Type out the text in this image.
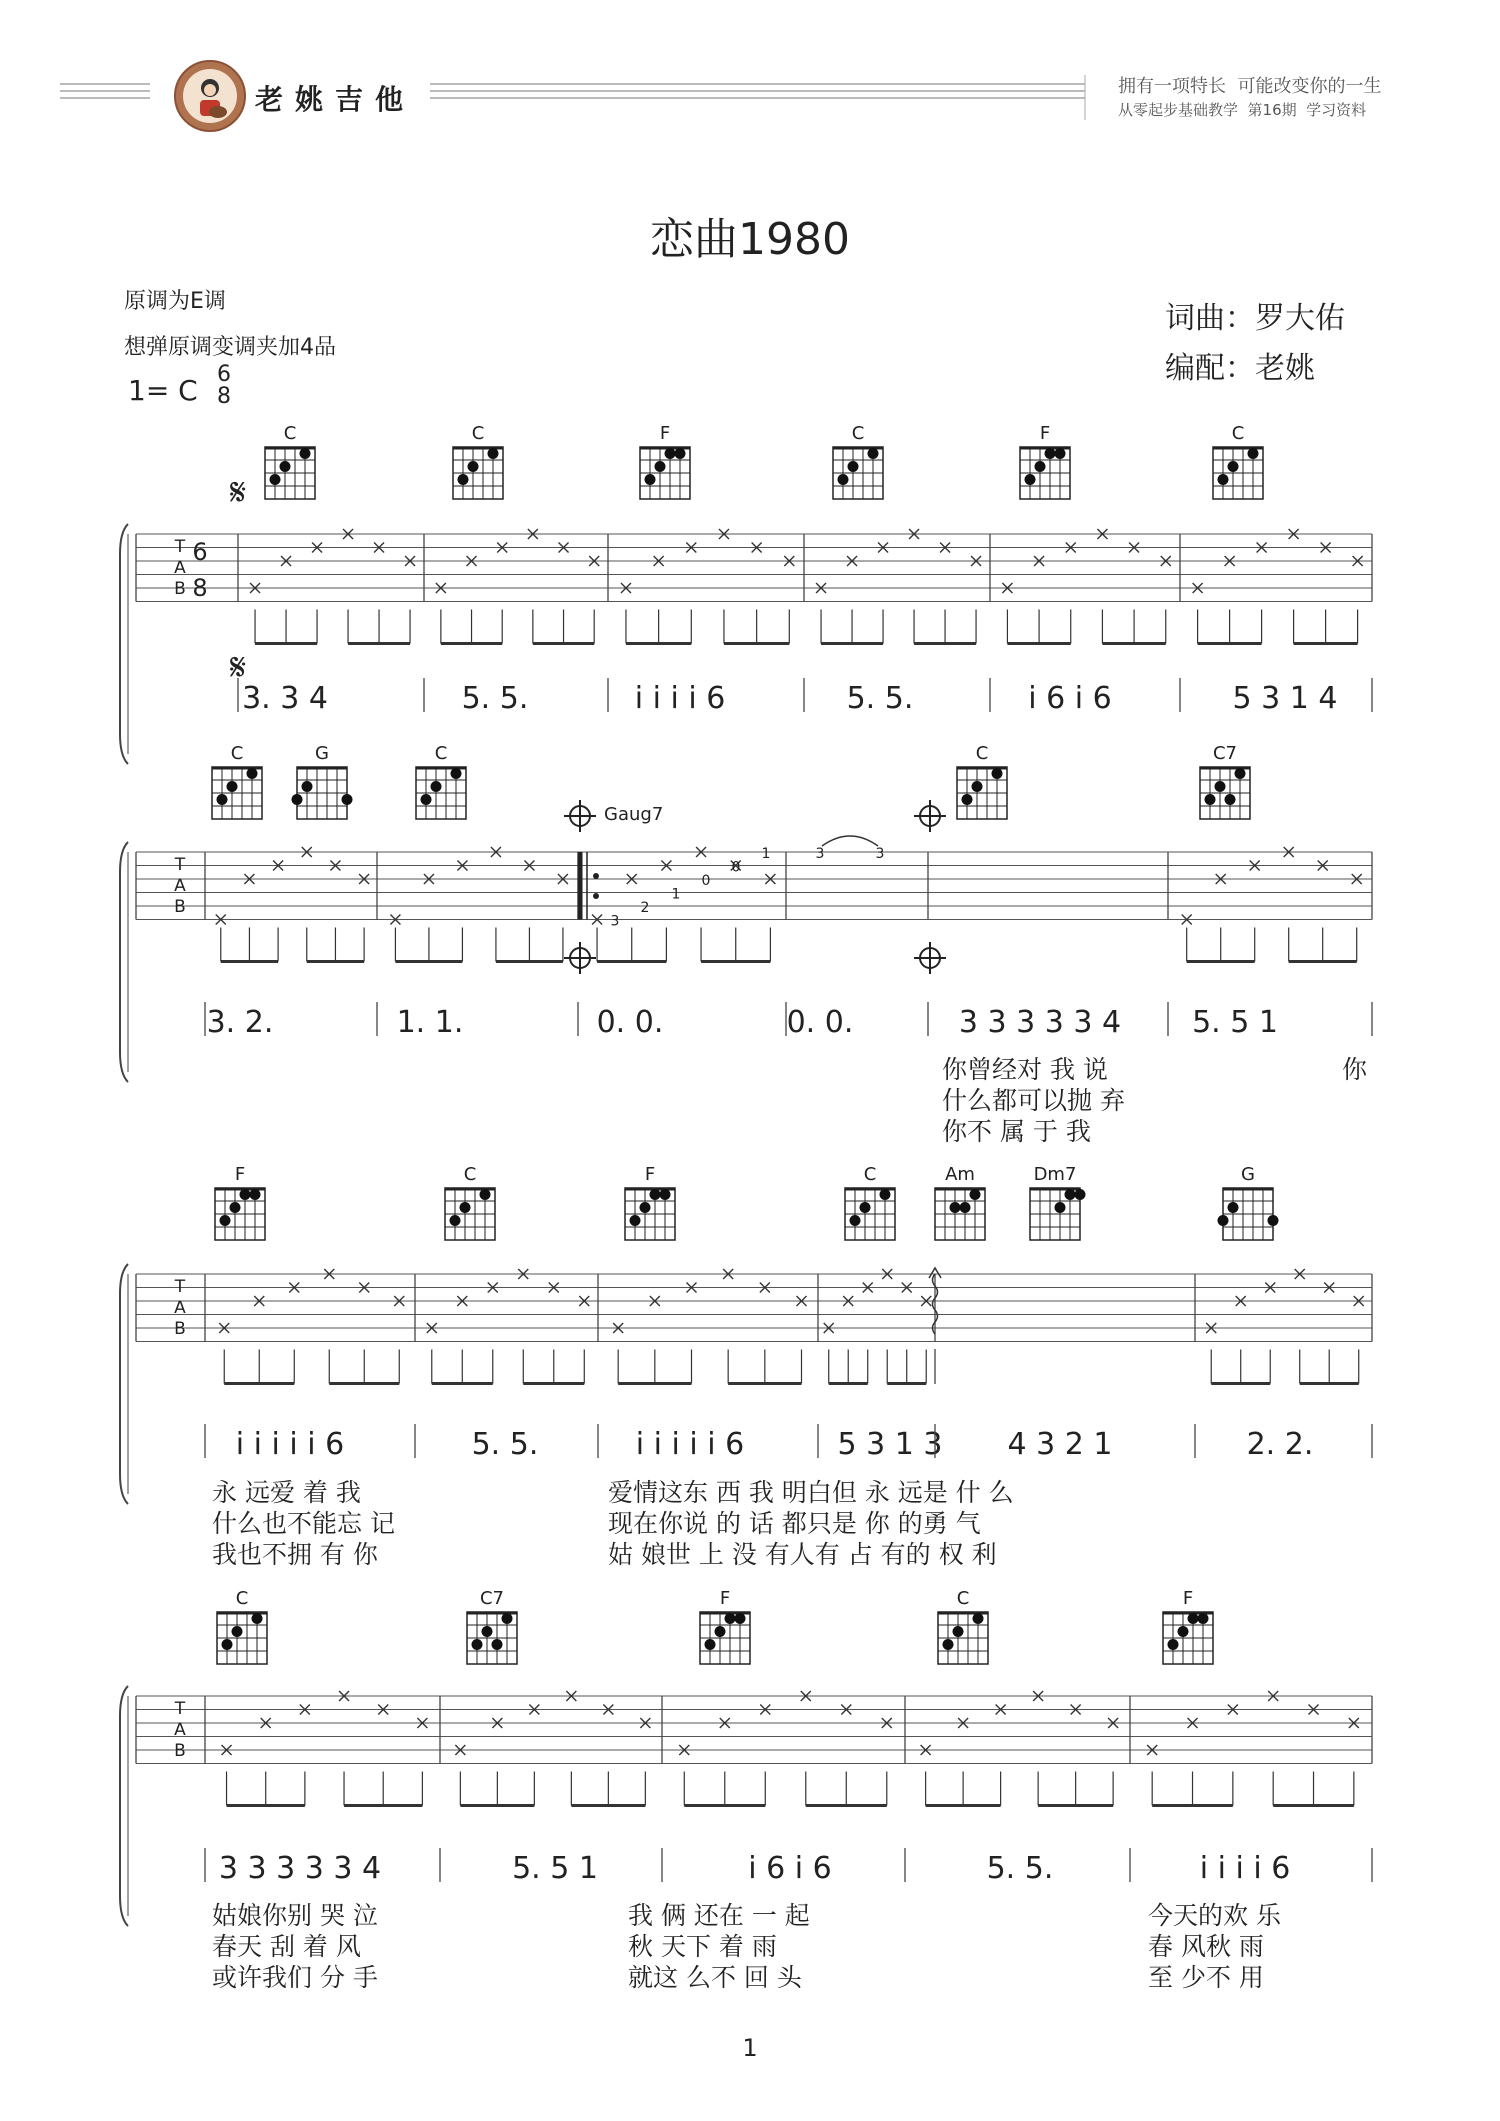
老姚吉他	拥有一项特长  可能改变你的一生
从零起步基础教学  第16期  学习资料
恋曲1980
原调为E调
想弹原调变调夹加4品
1= C 6
8
词曲：罗大佑
编配：老姚
C	C	F	C	F	C
T
A
B
3. 3 4	5. 5.	i i i i 6	5. 5.	i 6 i 6	5 3 1 4
𝄋
𝄋
C	G	C	C	C7
T
A
B
3. 2.	1. 1.	0. 0.	0. 0.	3 3 3 3 3 4 5. 5 1
你曾经对 我 说	你
什么都可以抛 弃
你不 属 于 我
F	C	F	C	Am	Dm7	G
T
A
B
i i i i i 6	5. 5.	i i i i i 6	5 3 1 3 4 3 2 1	2. 2.
永 远爱 着 我	爱情这东 西 我 明白但 永 远是 什 么
什么也不能忘 记	现在你说 的 话 都只是 你 的勇 气
我也不拥 有 你	姑 娘世 上 没 有人有 占 有的 权 利
C	C7	F	C	F
T
A
B
3 3 3 3 3 4	5. 5 1	i 6 i 6	5. 5.	i i i i 6
姑娘你别 哭 泣	我 俩 还在 一 起	今天的欢 乐
春天 刮 着 风	秋 天下 着 雨	春 风秋 雨
或许我们 分 手	就这 么不 回 头	至 少不 用
6
8
Gaug7
3
2
1
0
0
1	3	3
1
